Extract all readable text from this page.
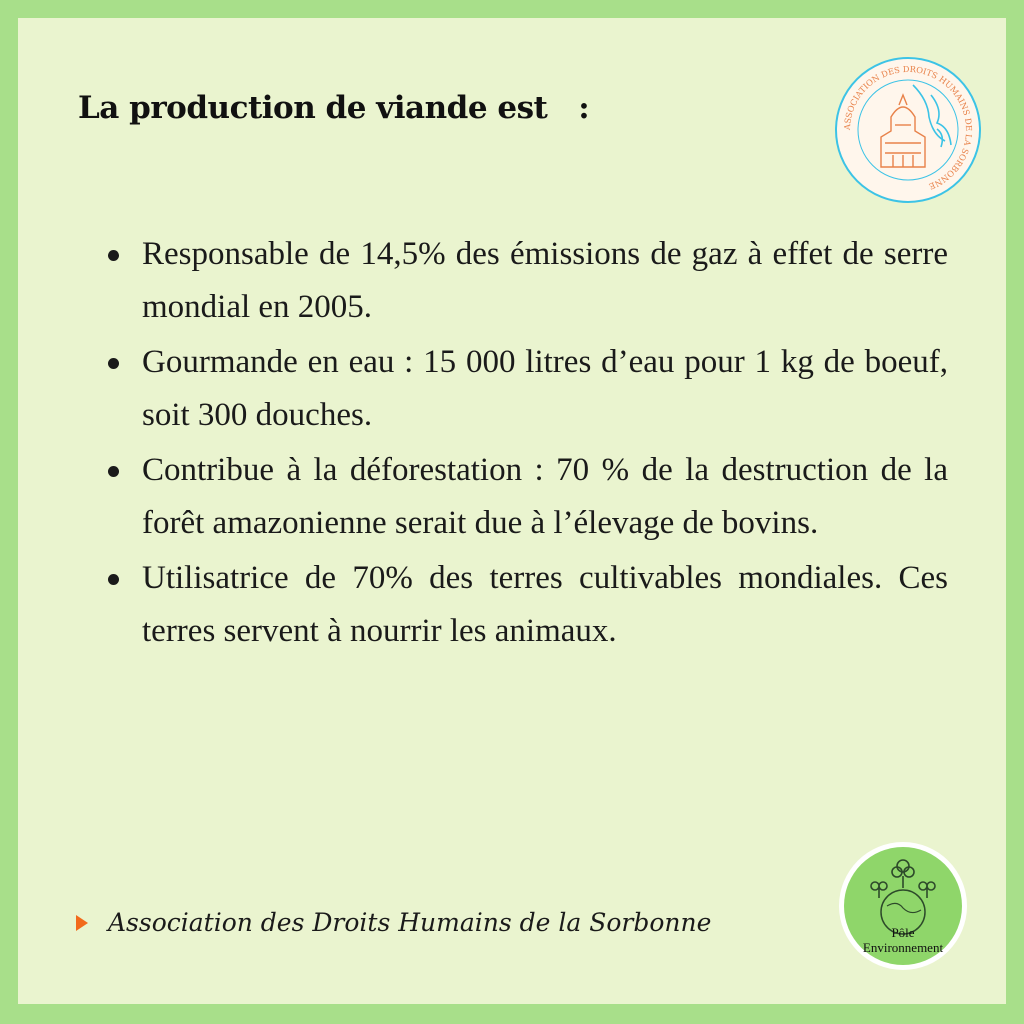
La production de viande est   :
ASSOCIATION DES DROITS HUMAINS DE LA SORBONNE
Responsable de 14,5% des émissions de gaz à effet de serre mondial en 2005.
Gourmande en eau : 15 000 litres d’eau pour 1 kg de boeuf, soit 300 douches.
Contribue à la déforestation : 70 % de la destruction de la forêt amazonienne serait due à l’élevage de bovins.
Utilisatrice de 70% des terres cultivables mondiales. Ces terres servent à nourrir les animaux.
Association des Droits Humains de la Sorbonne	Pôle
Environnement
